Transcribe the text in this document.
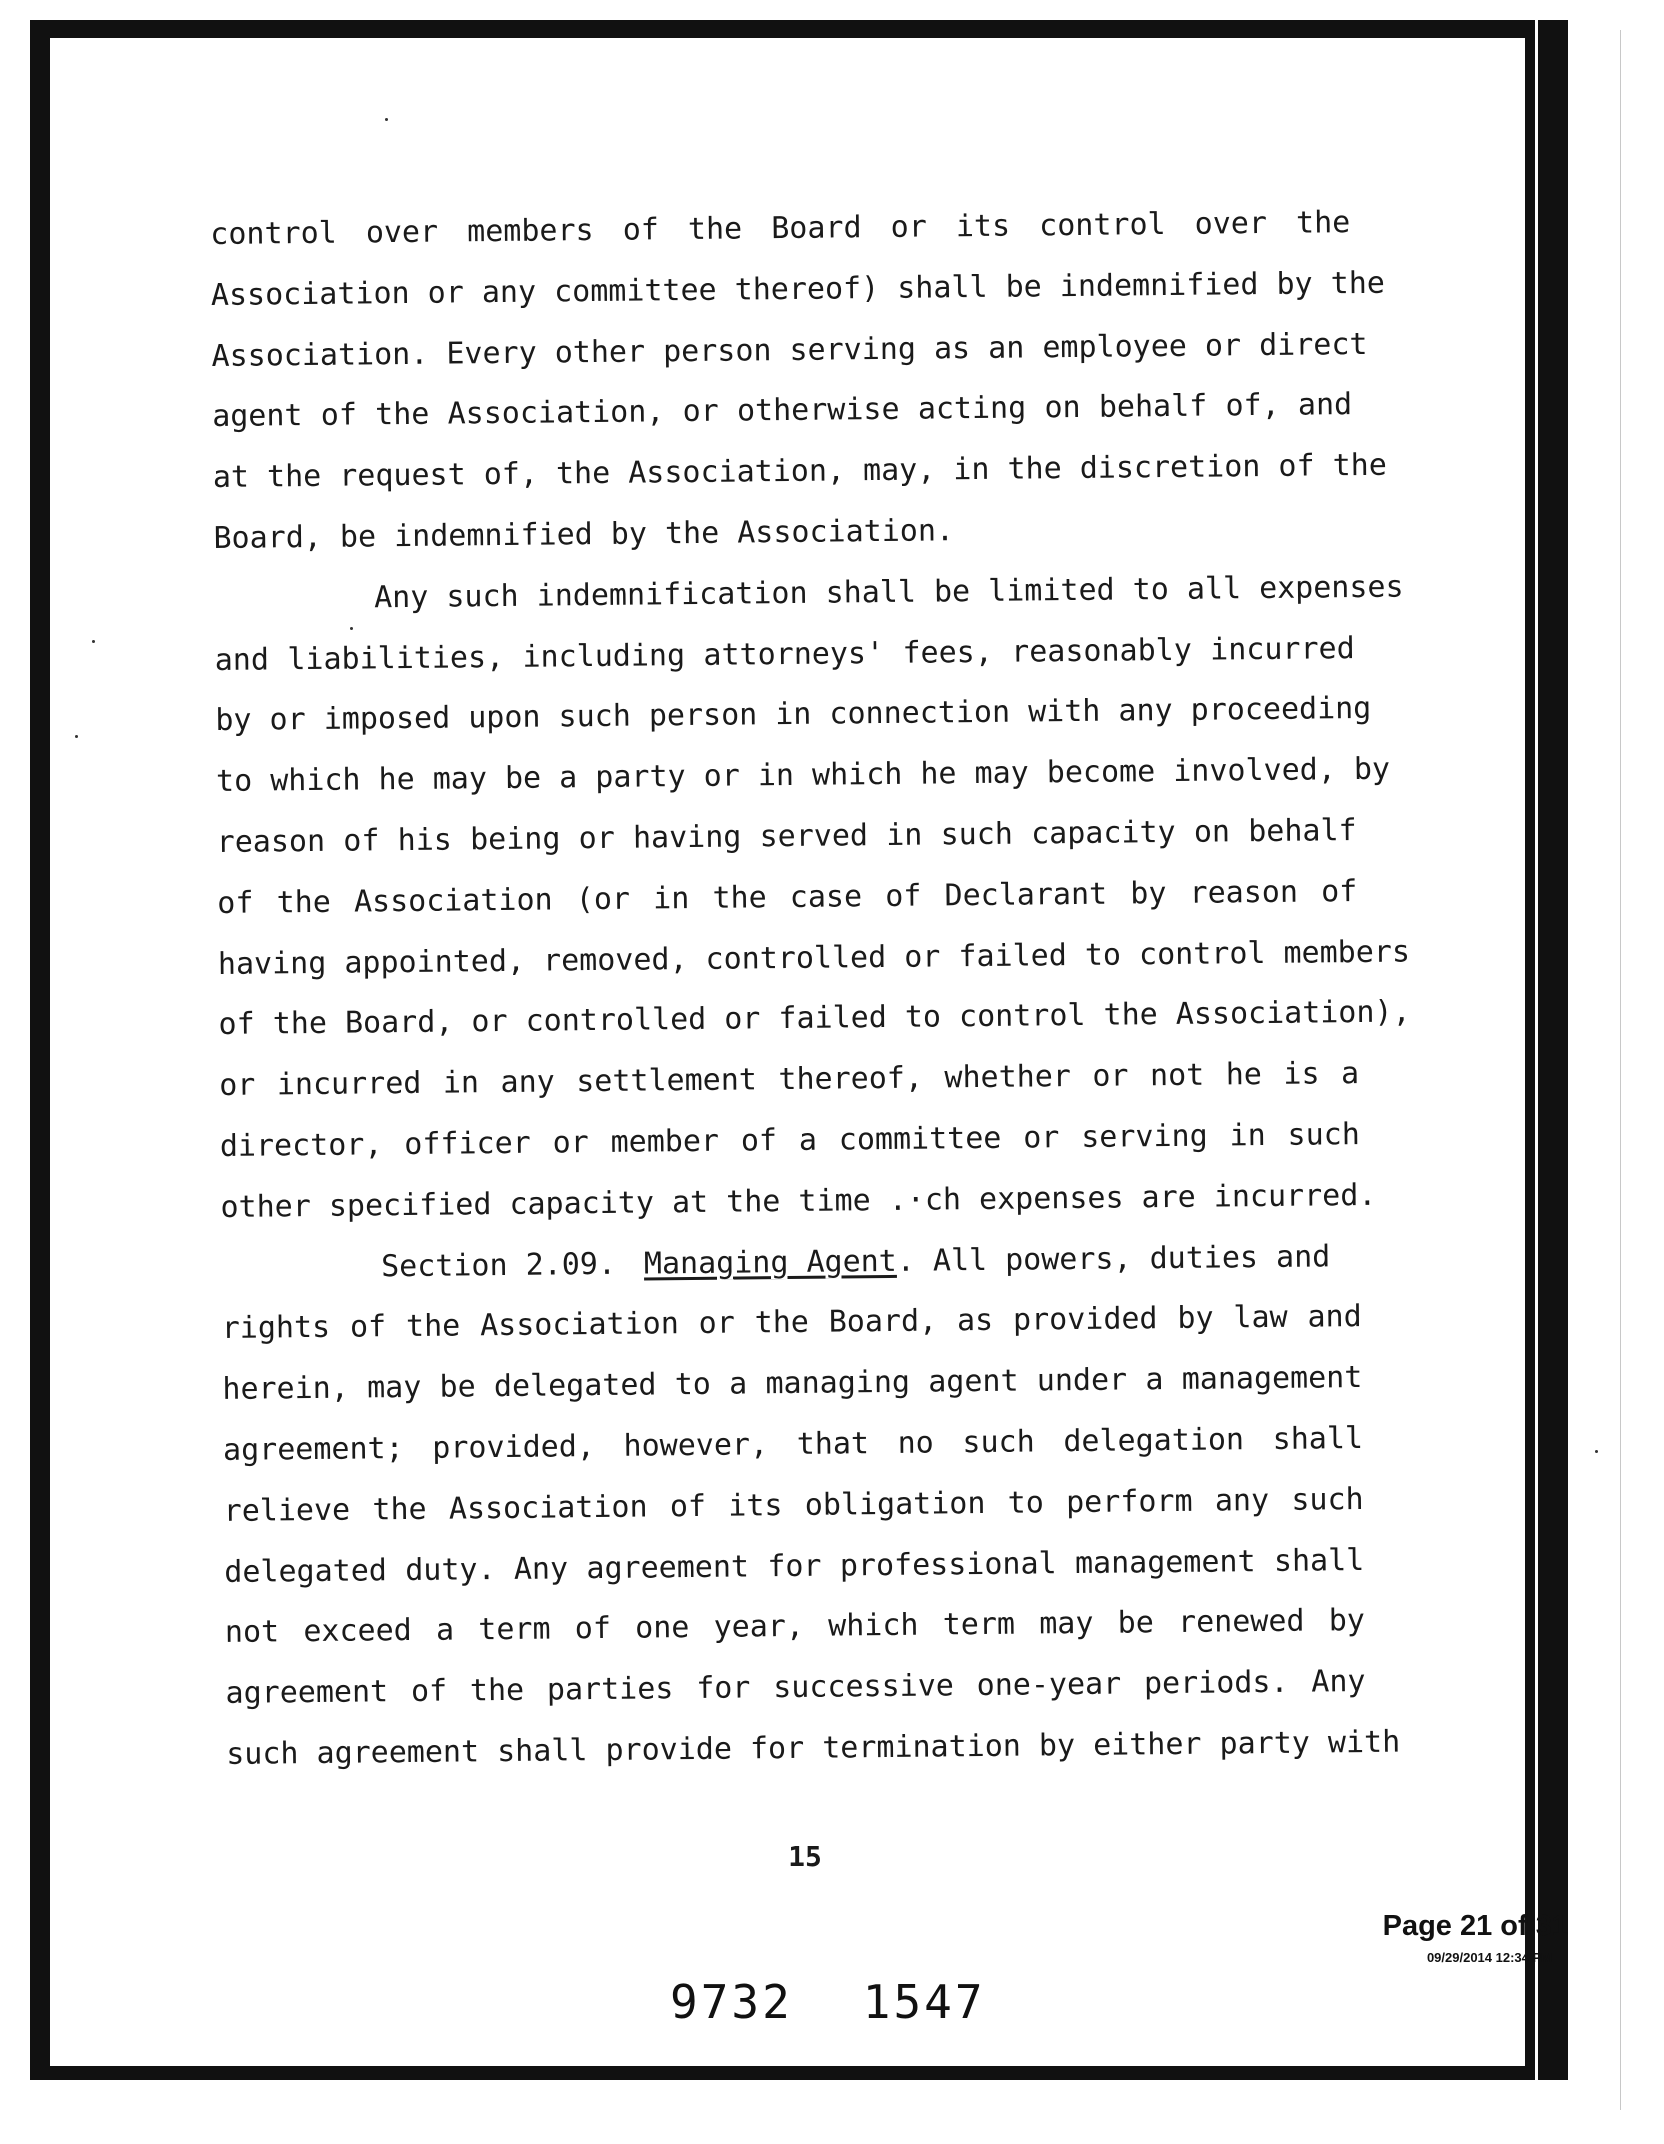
control over members of the Board or its control over the
Association or any committee thereof) shall be indemnified by the
Association. Every other person serving as an employee or direct
agent of the Association, or otherwise acting on behalf of, and
at the request of, the Association, may, in the discretion of the
Board, be indemnified by the Association.
Any such indemnification shall be limited to all expenses
and liabilities, including attorneys' fees, reasonably incurred
by or imposed upon such person in connection with any proceeding
to which he may be a party or in which he may become involved, by
reason of his being or having served in such capacity on behalf
of the Association (or in the case of Declarant by reason of
having appointed, removed, controlled or failed to control members
of the Board, or controlled or failed to control the Association),
or incurred in any settlement thereof, whether or not he is a
director, officer or member of a committee or serving in such
other specified capacity at the time .·ch expenses are incurred.
Section 2.09. Managing Agent. All powers, duties and
rights of the Association or the Board, as provided by law and
herein, may be delegated to a managing agent under a management
agreement; provided, however, that no such delegation shall
relieve the Association of its obligation to perform any such
delegated duty. Any agreement for professional management shall
not exceed a term of one year, which term may be renewed by
agreement of the parties for successive one-year periods. Any
such agreement shall provide for termination by either party with
15
Page 21 of 31
09/29/2014 12:34 PM
9732 1547
